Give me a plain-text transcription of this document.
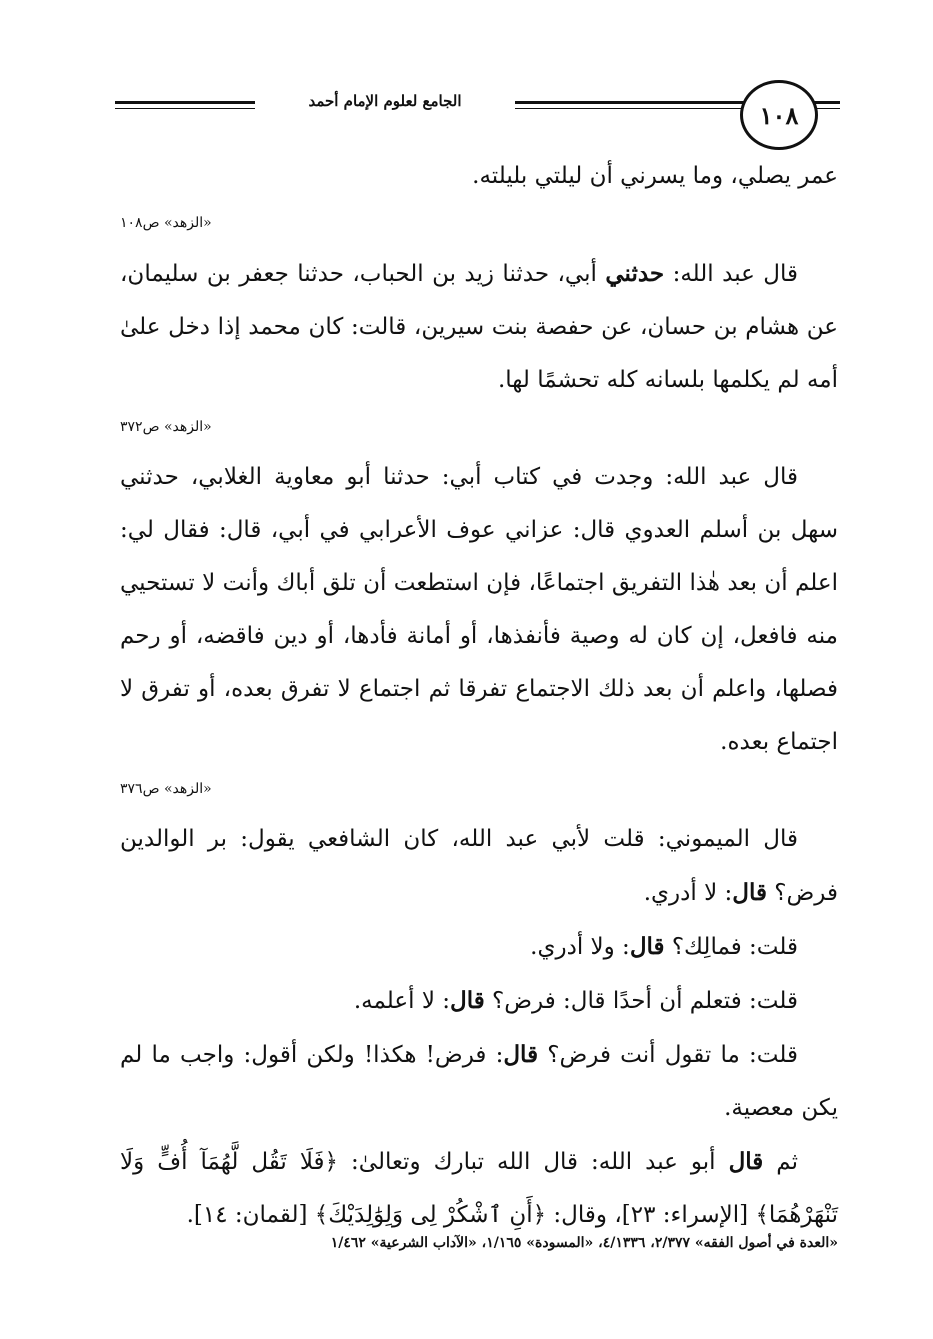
الجامع لعلوم الإمام أحمد	١٠٨

عمر يصلي، وما يسرني أن ليلتي بليلته.

«الزهد» ص١٠٨

قال عبد الله: حدثني أبي، حدثنا زيد بن الحباب، حدثنا جعفر بن سليمان، عن هشام بن حسان، عن حفصة بنت سيرين، قالت: كان محمد إذا دخل علىٰ أمه لم يكلمها بلسانه كله تحشمًا لها.

«الزهد» ص٣٧٢

قال عبد الله: وجدت في كتاب أبي: حدثنا أبو معاوية الغلابي، حدثني سهل بن أسلم العدوي قال: عزاني عوف الأعرابي في أبي، قال: فقال لي: اعلم أن بعد هٰذا التفريق اجتماعًا، فإن استطعت أن تلق أباك وأنت لا تستحيي منه فافعل، إن كان له وصية فأنفذها، أو أمانة فأدها، أو دين فاقضه، أو رحم فصلها، واعلم أن بعد ذلك الاجتماع تفرقا ثم اجتماع لا تفرق بعده، أو تفرق لا اجتماع بعده.

«الزهد» ص٣٧٦

قال الميموني: قلت لأبي عبد الله، كان الشافعي يقول: بر الوالدين فرض؟ قال: لا أدري.

قلت: فمالِك؟ قال: ولا أدري.

قلت: فتعلم أن أحدًا قال: فرض؟ قال: لا أعلمه.

قلت: ما تقول أنت فرض؟ قال: فرض! هكذا! ولكن أقول: واجب ما لم يكن معصية.

ثم قال أبو عبد الله: قال الله تبارك وتعالىٰ: ﴿فَلَا تَقُل لَّهُمَآ أُفٍّ وَلَا تَنْهَرْهُمَا﴾ [الإسراء: ٢٣]، وقال: ﴿أَنِ ٱشْكُرْ لِى وَلِوَٰلِدَيْكَ﴾ [لقمان: ١٤].

«العدة في أصول الفقه» ٢/٣٧٧، ٤/١٣٣٦، «المسودة» ١/١٦٥، «الآداب الشرعية» ١/٤٦٢
